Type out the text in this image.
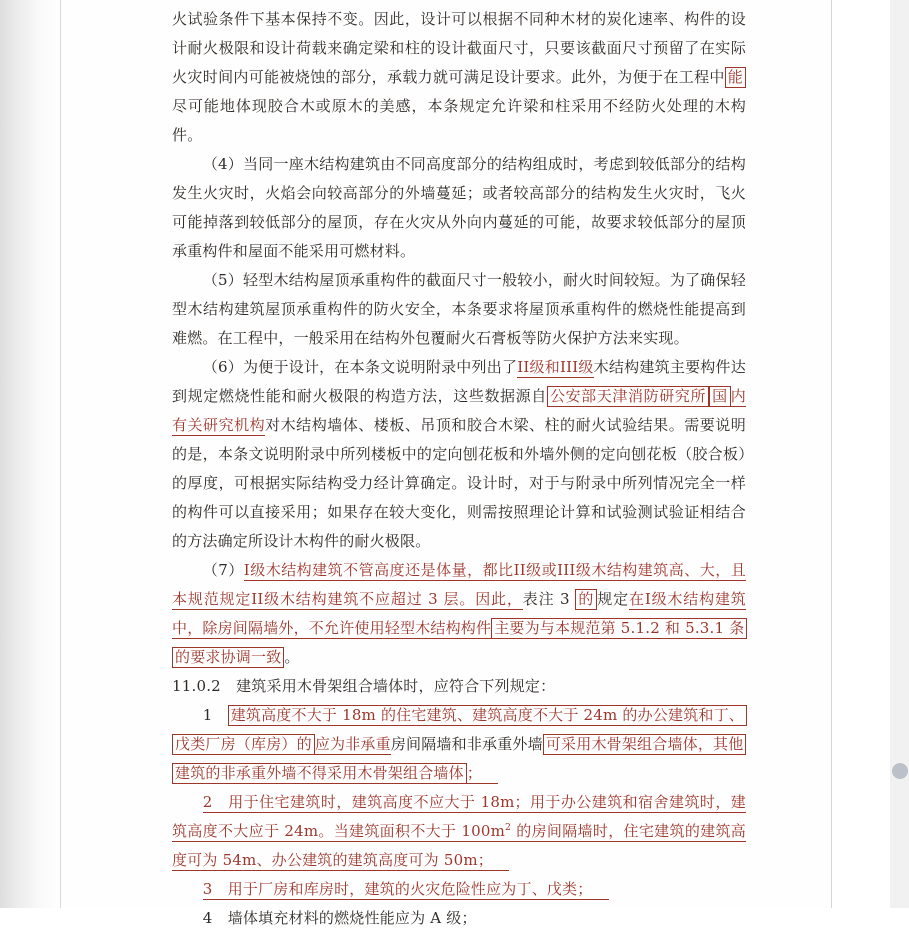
火试验条件下基本保持不变。因此，设计可以根据不同种木材的炭化速率、构件的设计耐火极限和设计荷载来确定梁和柱的设计截面尺寸，只要该截面尺寸预留了在实际火灾时间内可能被烧蚀的部分，承载力就可满足设计要求。此外，为便于在工程中 能尽可能地体现胶合木或原木的美感，本条规定允许梁和柱采用不经防火处理的木构件。
（4）当同一座木结构建筑由不同高度部分的结构组成时，考虑到较低部分的结构发生火灾时，火焰会向较高部分的外墙蔓延；或者较高部分的结构发生火灾时，飞火可能掉落到较低部分的屋顶，存在火灾从外向内蔓延的可能，故要求较低部分的屋顶承重构件和屋面不能采用可燃材料。
（5）轻型木结构屋顶承重构件的截面尺寸一般较小，耐火时间较短。为了确保轻型木结构建筑屋顶承重构件的防火安全，本条要求将屋顶承重构件的燃烧性能提高到难燃。在工程中，一般采用在结构外包覆耐火石膏板等防火保护方法来实现。
（6）为便于设计，在本条文说明附录中列出了II级和III级木结构建筑主要构件达到规定燃烧性能和耐火极限的构造方法，这些数据源自 公安部天津消防研究所 国 内有关研究机构对木结构墙体、楼板、吊顶和胶合木梁、柱的耐火试验结果。需要说明的是，本条文说明附录中所列楼板中的定向刨花板和外墙外侧的定向刨花板（胶合板）的厚度，可根据实际结构受力经计算确定。设计时，对于与附录中所列情况完全一样的构件可以直接采用；如果存在较大变化，则需按照理论计算和试验测试验证相结合的方法确定所设计木构件的耐火极限。
（7）I级木结构建筑不管高度还是体量，都比II级或III级木结构建筑高、大，且本规范规定II级木结构建筑不应超过 3 层。因此，表注 3 的 规定在I级木结构建筑中，除房间隔墙外，不允许使用轻型木结构构件 主要为与本规范第 5.1.2 和 5.3.1 条的要求协调一致 。
11.0.2　建筑采用木骨架组合墙体时，应符合下列规定：
1　建筑高度不大于 18m 的住宅建筑、建筑高度不大于 24m 的办公建筑和丁、戊类厂房（库房）的 应为非承重房间隔墙和非承重外墙 可采用木骨架组合墙体，其他建筑的非承重外墙不得采用木骨架组合墙体 ；
2　用于住宅建筑时，建筑高度不应大于 18m；用于办公建筑和宿舍建筑时，建筑高度不大应于 24m。当建筑面积不大于 $100m^2$ 的房间隔墙时，住宅建筑的建筑高度可为 54m、办公建筑的建筑高度可为 50m；
3　用于厂房和库房时，建筑的火灾危险性应为丁、戊类；
4　墙体填充材料的燃烧性能应为 A 级；
